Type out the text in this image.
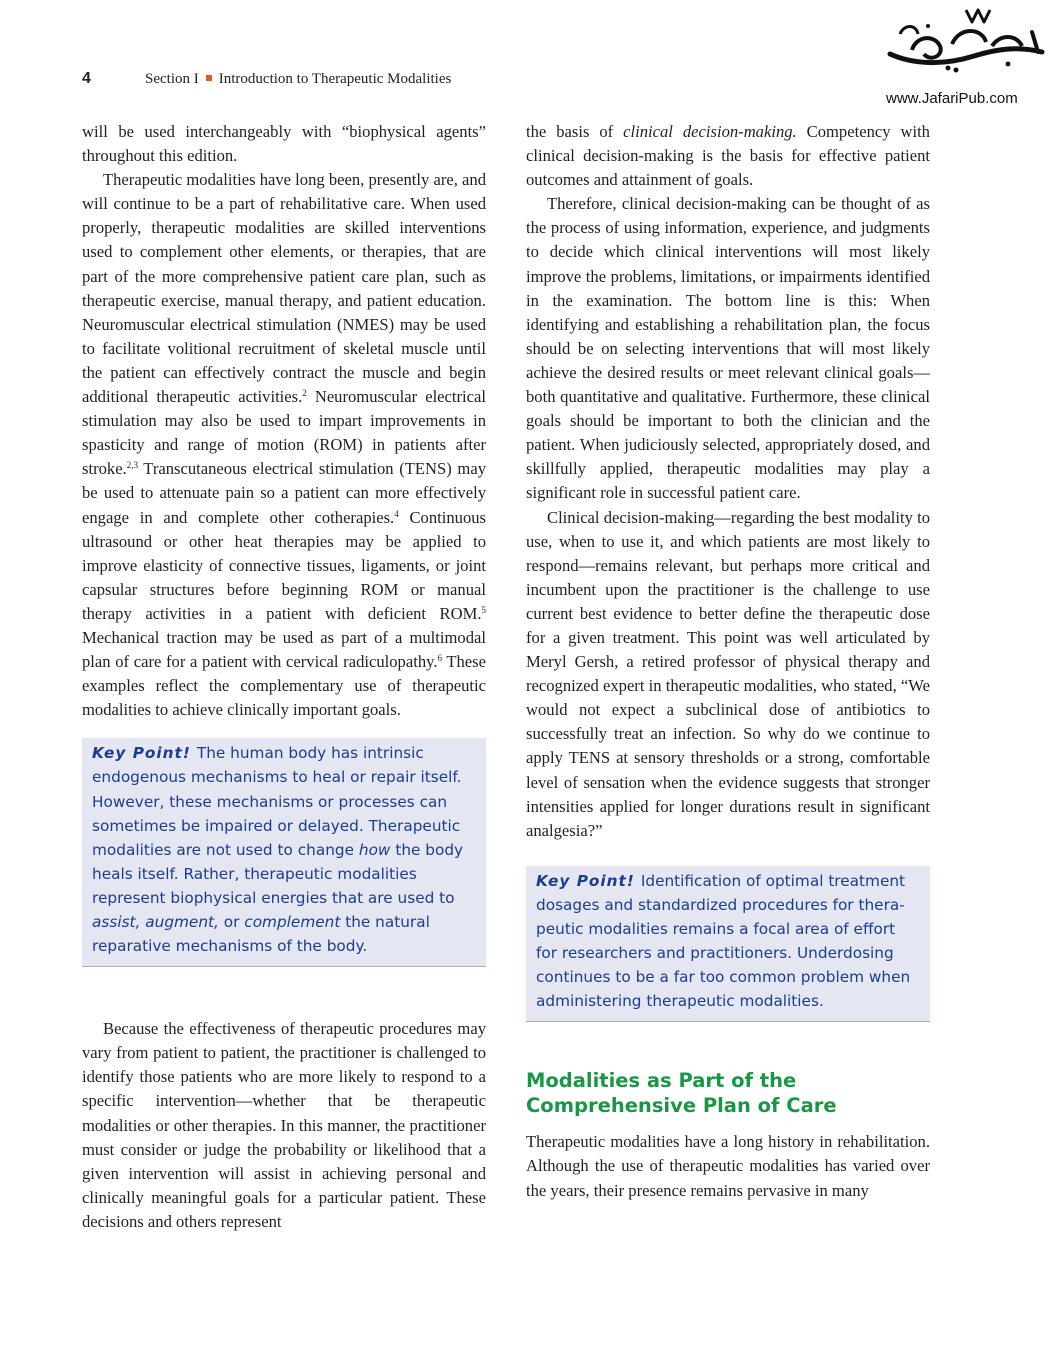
4	Section I Introduction to Therapeutic Modalities
www.JafariPub.com

will be used interchangeably with “biophysical agents” throughout this edition.

Therapeutic modalities have long been, presently are, and will continue to be a part of rehabilitative care. When used properly, therapeutic modalities are skilled interventions used to complement other elements, or therapies, that are part of the more comprehensive patient care plan, such as therapeutic exercise, manual therapy, and patient education. Neuromuscular electrical stimulation (NMES) may be used to facilitate volitional recruitment of skeletal muscle until the patient can effectively contract the muscle and begin additional therapeutic activities.$^2$ Neuromuscular electrical stimulation may also be used to impart improvements in spasticity and range of motion (ROM) in patients after stroke.$^{2,3}$ Transcutaneous electrical stimulation (TENS) may be used to attenuate pain so a patient can more effectively engage in and complete other cotherapies.$^4$ Continuous ultrasound or other heat therapies may be applied to improve elasticity of connective tissues, ligaments, or joint capsular structures before beginning ROM or manual therapy activities in a patient with deficient ROM.$^5$ Mechanical traction may be used as part of a multimodal plan of care for a patient with cervical radiculopathy.$^6$ These examples reflect the complementary use of therapeutic modalities to achieve clinically important goals.

Key Point! The human body has intrinsic endogenous mechanisms to heal or repair itself. However, these mechanisms or processes can sometimes be impaired or delayed. Therapeutic modalities are not used to change how the body heals itself. Rather, therapeutic modalities represent biophysical energies that are used to assist, augment, or complement the natural reparative mechanisms of the body.

Because the effectiveness of therapeutic procedures may vary from patient to patient, the practitioner is challenged to identify those patients who are more likely to respond to a specific intervention—whether that be therapeutic modalities or other therapies. In this manner, the practitioner must consider or judge the probability or likelihood that a given intervention will assist in achieving personal and clinically meaningful goals for a particular patient. These decisions and others represent

the basis of clinical decision-making. Competency with clinical decision-making is the basis for effective patient outcomes and attainment of goals.

Therefore, clinical decision-making can be thought of as the process of using information, experience, and judgments to decide which clinical interventions will most likely improve the problems, limitations, or impairments identified in the examination. The bottom line is this: When identifying and establishing a rehabilitation plan, the focus should be on selecting interventions that will most likely achieve the desired results or meet relevant clinical goals—both quantitative and qualitative. Furthermore, these clinical goals should be important to both the clinician and the patient. When judiciously selected, appropriately dosed, and skillfully applied, therapeutic modalities may play a significant role in successful patient care.

Clinical decision-making—regarding the best modality to use, when to use it, and which patients are most likely to respond—remains relevant, but perhaps more critical and incumbent upon the practitioner is the challenge to use current best evidence to better define the therapeutic dose for a given treatment. This point was well articulated by Meryl Gersh, a retired professor of physical therapy and recognized expert in therapeutic modalities, who stated, “We would not expect a subclinical dose of antibiotics to successfully treat an infection. So why do we continue to apply TENS at sensory thresholds or a strong, comfortable level of sensation when the evidence suggests that stronger intensities applied for longer durations result in significant analgesia?”

Key Point! Identification of optimal treatment dosages and standardized procedures for therapeutic modalities remains a focal area of effort for researchers and practitioners. Underdosing continues to be a far too common problem when administering therapeutic modalities.
Modalities as Part of the Comprehensive Plan of Care

Therapeutic modalities have a long history in rehabilitation. Although the use of therapeutic modalities has varied over the years, their presence remains pervasive in many
